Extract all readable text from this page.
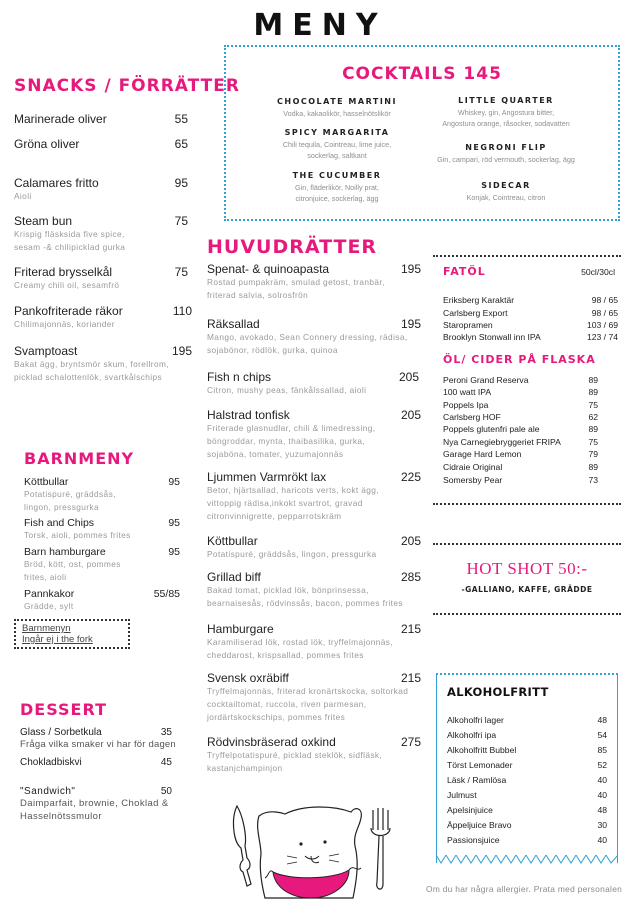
MENY
SNACKS / FÖRRÄTTER
Marinerade oliver	55
Gröna oliver	65
Calamares fritto	95
Aioli
Steam bun	75
Krispig fläsksida five spice, sesam -& chilipicklad gurka
Friterad brysselkål	75
Creamy chili oil, sesamfrö
Pankofriterade räkor	110
Chilimajonnäs, koriander
Svamptoast	195
Bakat ägg, bryntsmör skum, forellrom, picklad schalottenlök, svartkålschips
BARNMENY
Köttbullar	95
Potatispuré, gräddsås, lingon, pressgurka
Fish and Chips	95
Torsk, aioli, pommes frites
Barn hamburgare	95
Bröd, kött, ost, pommes frites, aioli
Pannkakor	55/85
Grädde, sylt
Barnmenyn
Ingår ej i the fork
DESSERT
Glass / Sorbetkula	35
Fråga vilka smaker vi har för dagen
Chokladbiskvi	45
"Sandwich"	50
Daimparfait, brownie, Choklad & Hasselnötssmulor
COCKTAILS 145
CHOCOLATE MARTINI
Vodka, kakaolikör, hasselnötslikör
SPICY MARGARITA
Chili tequila, Cointreau, lime juice,
sockerlag, saltkant
THE CUCUMBER
Gin, fläderlikör, Noilly prat,
citronjuice, sockerlag, ägg
LITTLE QUARTER
Whiskey, gin, Angostura bitter,
Angostura orange, råsocker, sodavatten
NEGRONI FLIP
Gin, campari, röd vermouth, sockerlag, ägg
SIDECAR
Konjak, Cointreau, citron
HUVUDRÄTTER
Spenat- & quinoapasta	195
Rostad pumpakräm, smulad getost, tranbär, friterad salvia, solrosfrön
Räksallad	195
Mango, avokado, Sean Connery dressing, rädisa, sojabönor, rödlök, gurka, quinoa
Fish n chips	205
Citron, mushy peas, fänkålssallad, aioli
Halstrad tonfisk	205
Friterade glasnudlar, chili & limedressing, böngroddar, mynta, thaibasilika, gurka, sojabönа, tomater, yuzumajonnäs
Ljummen Varmrökt lax	225
Betor, hjärtsallad, haricots verts, kokt ägg, vittoppig rädisa,inkokt svartrot, gravad citronvinnigrette, pepparrotskräm
Köttbullar	205
Potatispuré, gräddsås, lingon, pressgurka
Grillad biff	285
Bakad tomat, picklad lök, bönprinsessa, bearnaisesås, rödvinssås, bacon, pommes frites
Hamburgare	215
Karamiliserad lök, rostad lök, tryffelmajonnäs, cheddarost, krispsallad, pommes frites
Svensk oxräbiff	215
Tryffelmajonnäs, friterad kronärtskocka, soltorkad cocktailtomat, ruccola, riven parmesan, jordärtskockschips, pommes frites
Rödvinsbräserad oxkind	275
Tryffelpotatispuré, picklad steklök, sidfläsk, kastanjchampinjon
FATÖL	50cl/30cl
Eriksberg Karaktär	98 / 65
Carlsberg Export	98 / 65
Staropramen	103 / 69
Brooklyn Stonwall inn IPA	123 / 74
ÖL/ CIDER PÅ FLASKA
Peroni Grand Reserva	89
100 watt IPA	89
Poppels Ipa	75
Carlsberg HOF	62
Poppels glutenfri pale ale	89
Nya Carnegiebryggeriet FRIPA	75
Garage Hard Lemon	79
Cidraie Original	89
Somersby Pear	73
HOT SHOT 50:-
-GALLIANO, KAFFE, GRÄDDE
ALKOHOLFRITT
Alkoholfri lager	48
Alkoholfri ipa	54
Alkoholfritt Bubbel	85
Törst Lemonader	52
Läsk / Ramlösa	40
Julmust	40
Apelsinjuice	48
Äppeljuice Bravo	30
Passionsjuice	40
Om du har några allergier. Prata med personalen
